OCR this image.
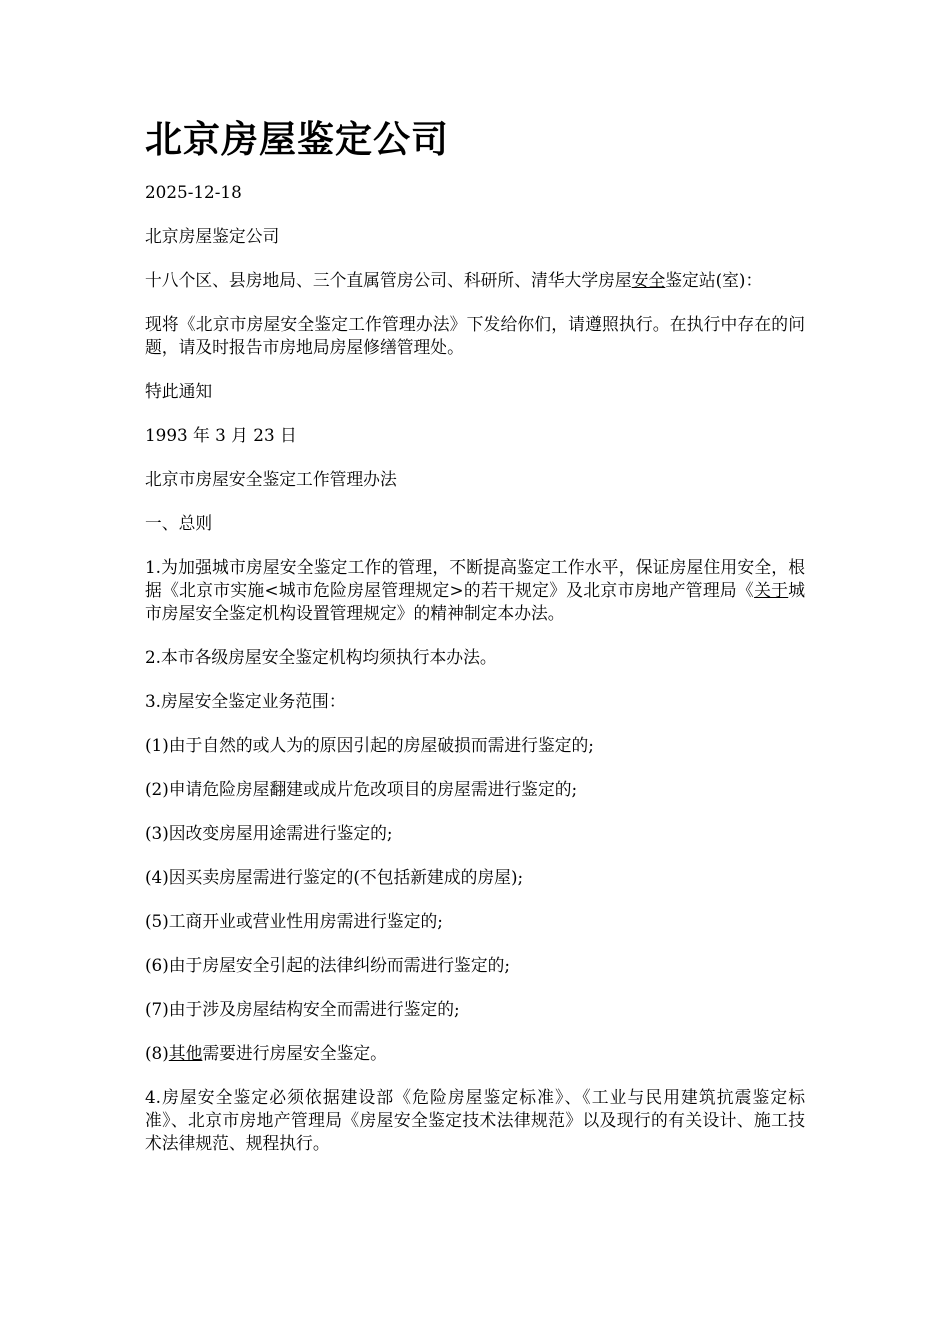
北京房屋鉴定公司

2025-12-18

北京房屋鉴定公司

十八个区、县房地局、三个直属管房公司、科研所、清华大学房屋安全鉴定站(室)：

现将《北京市房屋安全鉴定工作管理办法》下发给你们，请遵照执行。在执行中存在的问题，请及时报告市房地局房屋修缮管理处。

特此通知

1993 年 3 月 23 日

北京市房屋安全鉴定工作管理办法

一、总则

1.为加强城市房屋安全鉴定工作的管理，不断提高鉴定工作水平，保证房屋住用安全，根据《北京市实施<城市危险房屋管理规定>的若干规定》及北京市房地产管理局《关于城市房屋安全鉴定机构设置管理规定》的精神制定本办法。

2.本市各级房屋安全鉴定机构均须执行本办法。

3.房屋安全鉴定业务范围：

(1)由于自然的或人为的原因引起的房屋破损而需进行鉴定的;

(2)申请危险房屋翻建或成片危改项目的房屋需进行鉴定的;

(3)因改变房屋用途需进行鉴定的;

(4)因买卖房屋需进行鉴定的(不包括新建成的房屋);

(5)工商开业或营业性用房需进行鉴定的;

(6)由于房屋安全引起的法律纠纷而需进行鉴定的;

(7)由于涉及房屋结构安全而需进行鉴定的;

(8)其他需要进行房屋安全鉴定。

4.房屋安全鉴定必须依据建设部《危险房屋鉴定标准》、《工业与民用建筑抗震鉴定标准》、北京市房地产管理局《房屋安全鉴定技术法律规范》以及现行的有关设计、施工技术法律规范、规程执行。
